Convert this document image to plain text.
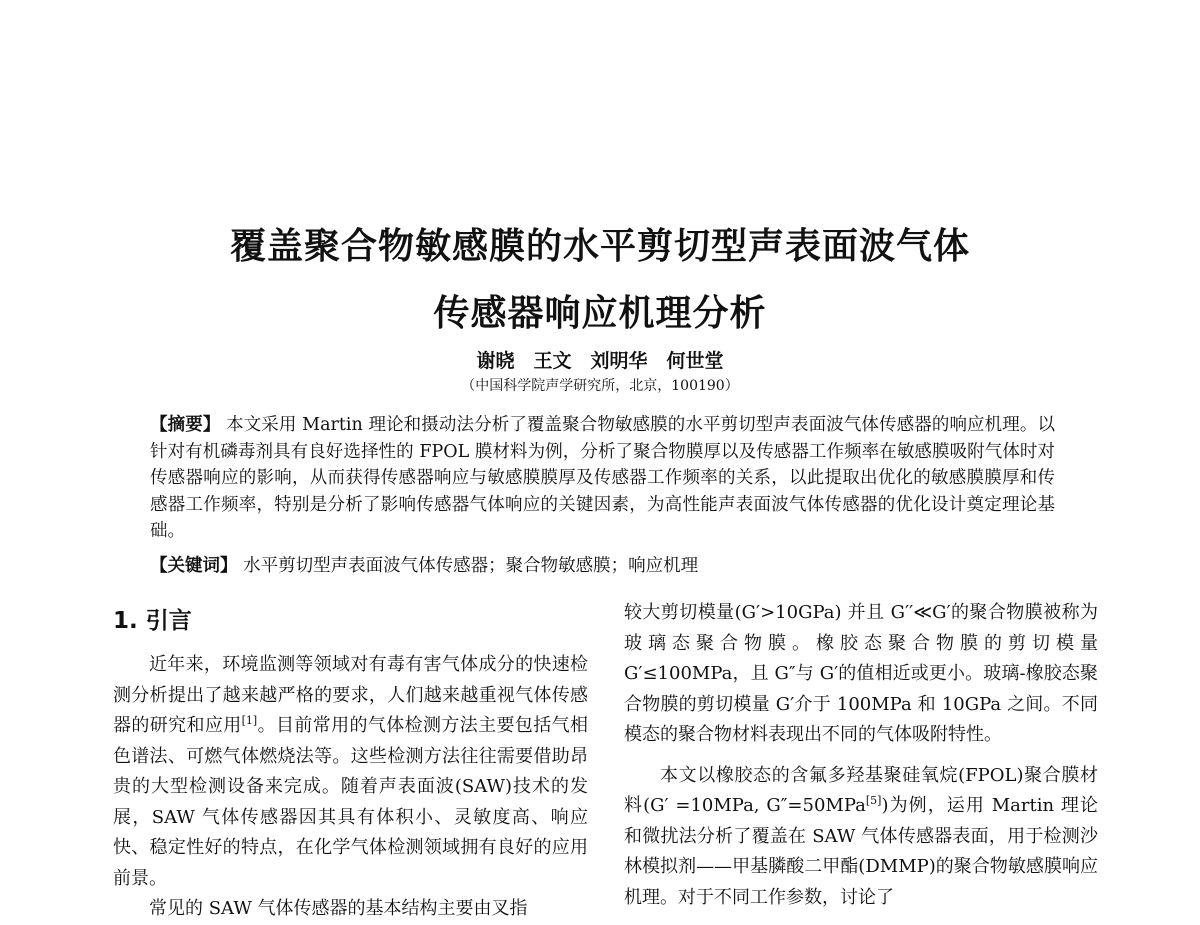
覆盖聚合物敏感膜的水平剪切型声表面波气体
传感器响应机理分析
谢晓　王文　刘明华　何世堂
（中国科学院声学研究所，北京，100190）
【摘要】 本文采用 Martin 理论和摄动法分析了覆盖聚合物敏感膜的水平剪切型声表面波气体传感器的响应机理。以针对有机磷毒剂具有良好选择性的 FPOL 膜材料为例，分析了聚合物膜厚以及传感器工作频率在敏感膜吸附气体时对传感器响应的影响，从而获得传感器响应与敏感膜膜厚及传感器工作频率的关系，以此提取出优化的敏感膜膜厚和传感器工作频率，特别是分析了影响传感器气体响应的关键因素，为高性能声表面波气体传感器的优化设计奠定理论基础。
【关键词】 水平剪切型声表面波气体传感器；聚合物敏感膜；响应机理
1. 引言

近年来，环境监测等领域对有毒有害气体成分的快速检测分析提出了越来越严格的要求，人们越来越重视气体传感器的研究和应用[1]。目前常用的气体检测方法主要包括气相色谱法、可燃气体燃烧法等。这些检测方法往往需要借助昂贵的大型检测设备来完成。随着声表面波(SAW)技术的发展，SAW 气体传感器因其具有体积小、灵敏度高、响应快、稳定性好的特点，在化学气体检测领域拥有良好的应用前景。

常见的 SAW 气体传感器的基本结构主要由叉指

较大剪切模量(G′>10GPa) 并且 G′′≪G′的聚合物膜被称为玻璃态聚合物膜。橡胶态聚合物膜的剪切模量 G′≤100MPa，且 G″与 G′的值相近或更小。玻璃-橡胶态聚合物膜的剪切模量 G′介于 100MPa 和 10GPa 之间。不同模态的聚合物材料表现出不同的气体吸附特性。

本文以橡胶态的含氟多羟基聚硅氧烷(FPOL)聚合膜材料(G′ =10MPa, G″=50MPa[5])为例，运用 Martin 理论和微扰法分析了覆盖在 SAW 气体传感器表面，用于检测沙林模拟剂——甲基膦酸二甲酯(DMMP)的聚合物敏感膜响应机理。对于不同工作参数，讨论了
